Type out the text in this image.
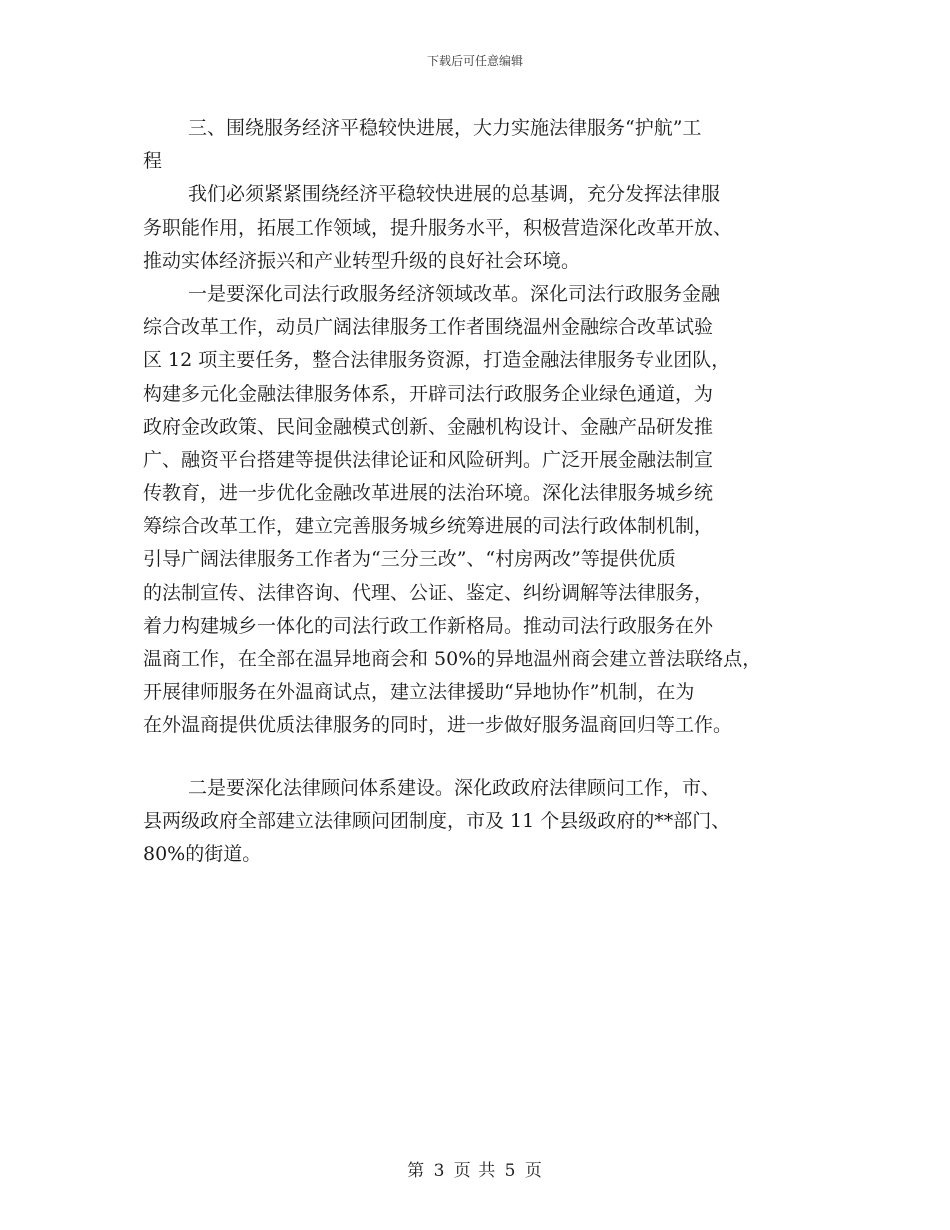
下载后可任意编辑
三、围绕服务经济平稳较快进展，大力实施法律服务“护航”工
程
我们必须紧紧围绕经济平稳较快进展的总基调，充分发挥法律服
务职能作用，拓展工作领域，提升服务水平，积极营造深化改革开放、
推动实体经济振兴和产业转型升级的良好社会环境。
一是要深化司法行政服务经济领域改革。深化司法行政服务金融
综合改革工作，动员广阔法律服务工作者围绕温州金融综合改革试验
区 12 项主要任务，整合法律服务资源，打造金融法律服务专业团队，
构建多元化金融法律服务体系，开辟司法行政服务企业绿色通道，为
政府金改政策、民间金融模式创新、金融机构设计、金融产品研发推
广、融资平台搭建等提供法律论证和风险研判。广泛开展金融法制宣
传教育，进一步优化金融改革进展的法治环境。深化法律服务城乡统
筹综合改革工作，建立完善服务城乡统筹进展的司法行政体制机制，
引导广阔法律服务工作者为“三分三改”、“村房两改”等提供优质
的法制宣传、法律咨询、代理、公证、鉴定、纠纷调解等法律服务，
着力构建城乡一体化的司法行政工作新格局。推动司法行政服务在外
温商工作，在全部在温异地商会和 50%的异地温州商会建立普法联络点，
开展律师服务在外温商试点，建立法律援助“异地协作”机制，在为
在外温商提供优质法律服务的同时，进一步做好服务温商回归等工作。
二是要深化法律顾问体系建设。深化政政府法律顾问工作，市、
县两级政府全部建立法律顾问团制度，市及 11 个县级政府的**部门、
80%的街道。
第 3 页 共 5 页
